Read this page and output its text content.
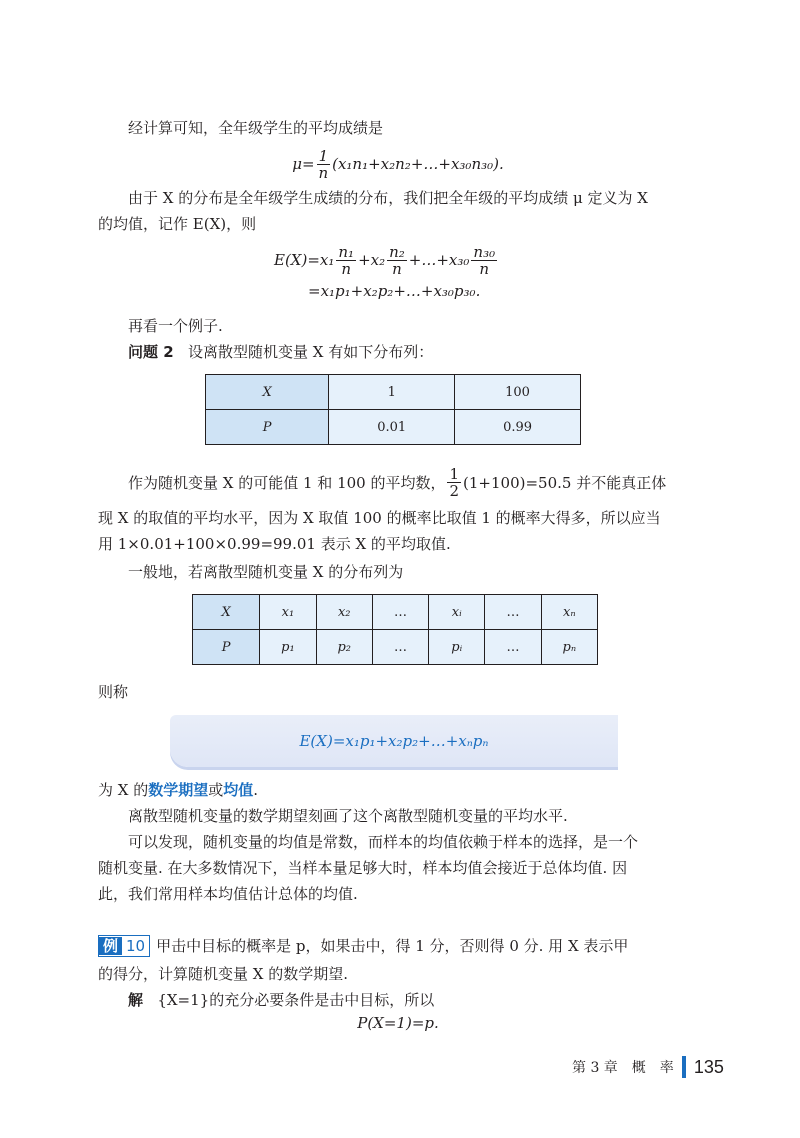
经计算可知，全年级学生的平均成绩是

$\mu= \frac{1}{n}$ (x₁n₁+x₂n₂+…+x₃₀n₃₀).

由于 X 的分布是全年级学生成绩的分布，我们把全年级的平均成绩 μ 定义为 X

的均值，记作 E(X)，则

$E(X)=x_1 \frac{\text{n₁}}{n} +x_2 \frac{\text{n₂}}{n}$ +…+x₃₀ $\frac{\text{n₃₀}}{n}$
=x₁p₁+x₂p₂+…+x₃₀p₃₀.

再看一个例子.

问题 2 设离散型随机变量 X 有如下分布列：

X	1	100
P	0.01	0.99
作为随机变量 X 的可能值 1 和 100 的平均数， $\frac{1}{2} (1+100)=50.5$ 并不能真正体

现 X 的取值的平均水平，因为 X 取值 100 的概率比取值 1 的概率大得多，所以应当

用 1×0.01+100×0.99=99.01 表示 X 的平均取值.

一般地，若离散型随机变量 X 的分布列为

X	x₁	x₂	…	xᵢ	…	xₙ
P	p₁	p₂	…	pᵢ	…	pₙ

则称

E(X)=x₁p₁+x₂p₂+…+xₙpₙ

为 X 的数学期望或均值.

离散型随机变量的数学期望刻画了这个离散型随机变量的平均水平.

可以发现，随机变量的均值是常数，而样本的均值依赖于样本的选择，是一个

随机变量. 在大多数情况下，当样本量足够大时，样本均值会接近于总体均值. 因

此，我们常用样本均值估计总体的均值.

例 10 甲击中目标的概率是 p，如果击中，得 1 分，否则得 0 分. 用 X 表示甲

的得分，计算随机变量 X 的数学期望.

解 {X=1}的充分必要条件是击中目标，所以

P(X=1)=p.
第 3 章　概　率 135
